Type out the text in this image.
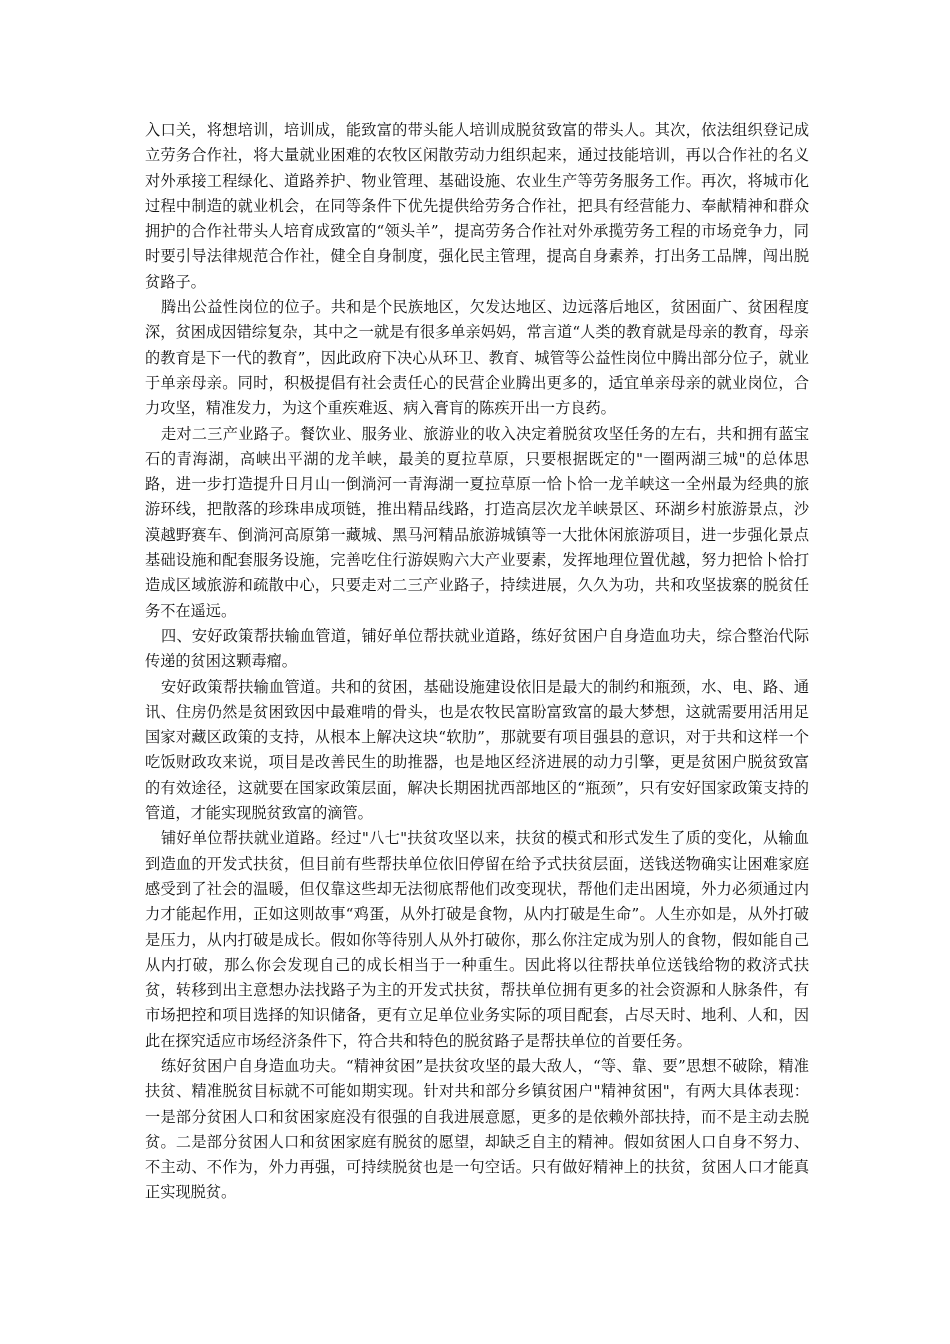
入口关，将想培训，培训成，能致富的带头能人培训成脱贫致富的带头人。其次，依法组织登记成立劳务合作社，将大量就业困难的农牧区闲散劳动力组织起来，通过技能培训，再以合作社的名义对外承接工程绿化、道路养护、物业管理、基础设施、农业生产等劳务服务工作。再次，将城市化过程中制造的就业机会，在同等条件下优先提供给劳务合作社，把具有经营能力、奉献精神和群众拥护的合作社带头人培育成致富的“领头羊”，提高劳务合作社对外承揽劳务工程的市场竞争力，同时要引导法律规范合作社，健全自身制度，强化民主管理，提高自身素养，打出务工品牌，闯出脱贫路子。

腾出公益性岗位的位子。共和是个民族地区，欠发达地区、边远落后地区，贫困面广、贫困程度深，贫困成因错综复杂，其中之一就是有很多单亲妈妈，常言道“人类的教育就是母亲的教育，母亲的教育是下一代的教育”，因此政府下决心从环卫、教育、城管等公益性岗位中腾出部分位子，就业于单亲母亲。同时，积极提倡有社会责任心的民营企业腾出更多的，适宜单亲母亲的就业岗位，合力攻坚，精准发力，为这个重疾难返、病入膏肓的陈疾开出一方良药。

走对二三产业路子。餐饮业、服务业、旅游业的收入决定着脱贫攻坚任务的左右，共和拥有蓝宝石的青海湖，高峡出平湖的龙羊峡，最美的夏拉草原，只要根据既定的"一圈两湖三城"的总体思路，进一步打造提升日月山一倒淌河一青海湖一夏拉草原一恰卜恰一龙羊峡这一全州最为经典的旅游环线，把散落的珍珠串成项链，推出精品线路，打造高层次龙羊峡景区、环湖乡村旅游景点，沙漠越野赛车、倒淌河高原第一藏城、黑马河精品旅游城镇等一大批休闲旅游项目，进一步强化景点基础设施和配套服务设施，完善吃住行游娱购六大产业要素，发挥地理位置优越，努力把恰卜恰打造成区域旅游和疏散中心，只要走对二三产业路子，持续进展，久久为功，共和攻坚拔寨的脱贫任务不在遥远。

四、安好政策帮扶输血管道，铺好单位帮扶就业道路，练好贫困户自身造血功夫，综合整治代际传递的贫困这颗毒瘤。

安好政策帮扶输血管道。共和的贫困，基础设施建设依旧是最大的制约和瓶颈，水、电、路、通讯、住房仍然是贫困致因中最难啃的骨头，也是农牧民富盼富致富的最大梦想，这就需要用活用足国家对藏区政策的支持，从根本上解决这块“软肋”，那就要有项目强县的意识，对于共和这样一个吃饭财政攻来说，项目是改善民生的助推器，也是地区经济进展的动力引擎，更是贫困户脱贫致富的有效途径，这就要在国家政策层面，解决长期困扰西部地区的“瓶颈”，只有安好国家政策支持的管道，才能实现脱贫致富的滴管。

铺好单位帮扶就业道路。经过"八七"扶贫攻坚以来，扶贫的模式和形式发生了质的变化，从输血到造血的开发式扶贫，但目前有些帮扶单位依旧停留在给予式扶贫层面，送钱送物确实让困难家庭感受到了社会的温暖，但仅靠这些却无法彻底帮他们改变现状，帮他们走出困境，外力必须通过内力才能起作用，正如这则故事“鸡蛋，从外打破是食物，从内打破是生命”。人生亦如是，从外打破是压力，从内打破是成长。假如你等待别人从外打破你，那么你注定成为别人的食物，假如能自己从内打破，那么你会发现自己的成长相当于一种重生。因此将以往帮扶单位送钱给物的救济式扶贫，转移到出主意想办法找路子为主的开发式扶贫，帮扶单位拥有更多的社会资源和人脉条件，有市场把控和项目选择的知识储备，更有立足单位业务实际的项目配套，占尽天时、地利、人和，因此在探究适应市场经济条件下，符合共和特色的脱贫路子是帮扶单位的首要任务。

练好贫困户自身造血功夫。“精神贫困”是扶贫攻坚的最大敌人，“等、靠、要”思想不破除，精准扶贫、精准脱贫目标就不可能如期实现。针对共和部分乡镇贫困户"精神贫困"，有两大具体表现：一是部分贫困人口和贫困家庭没有很强的自我进展意愿，更多的是依赖外部扶持，而不是主动去脱贫。二是部分贫困人口和贫困家庭有脱贫的愿望，却缺乏自主的精神。假如贫困人口自身不努力、不主动、不作为，外力再强，可持续脱贫也是一句空话。只有做好精神上的扶贫，贫困人口才能真正实现脱贫。
